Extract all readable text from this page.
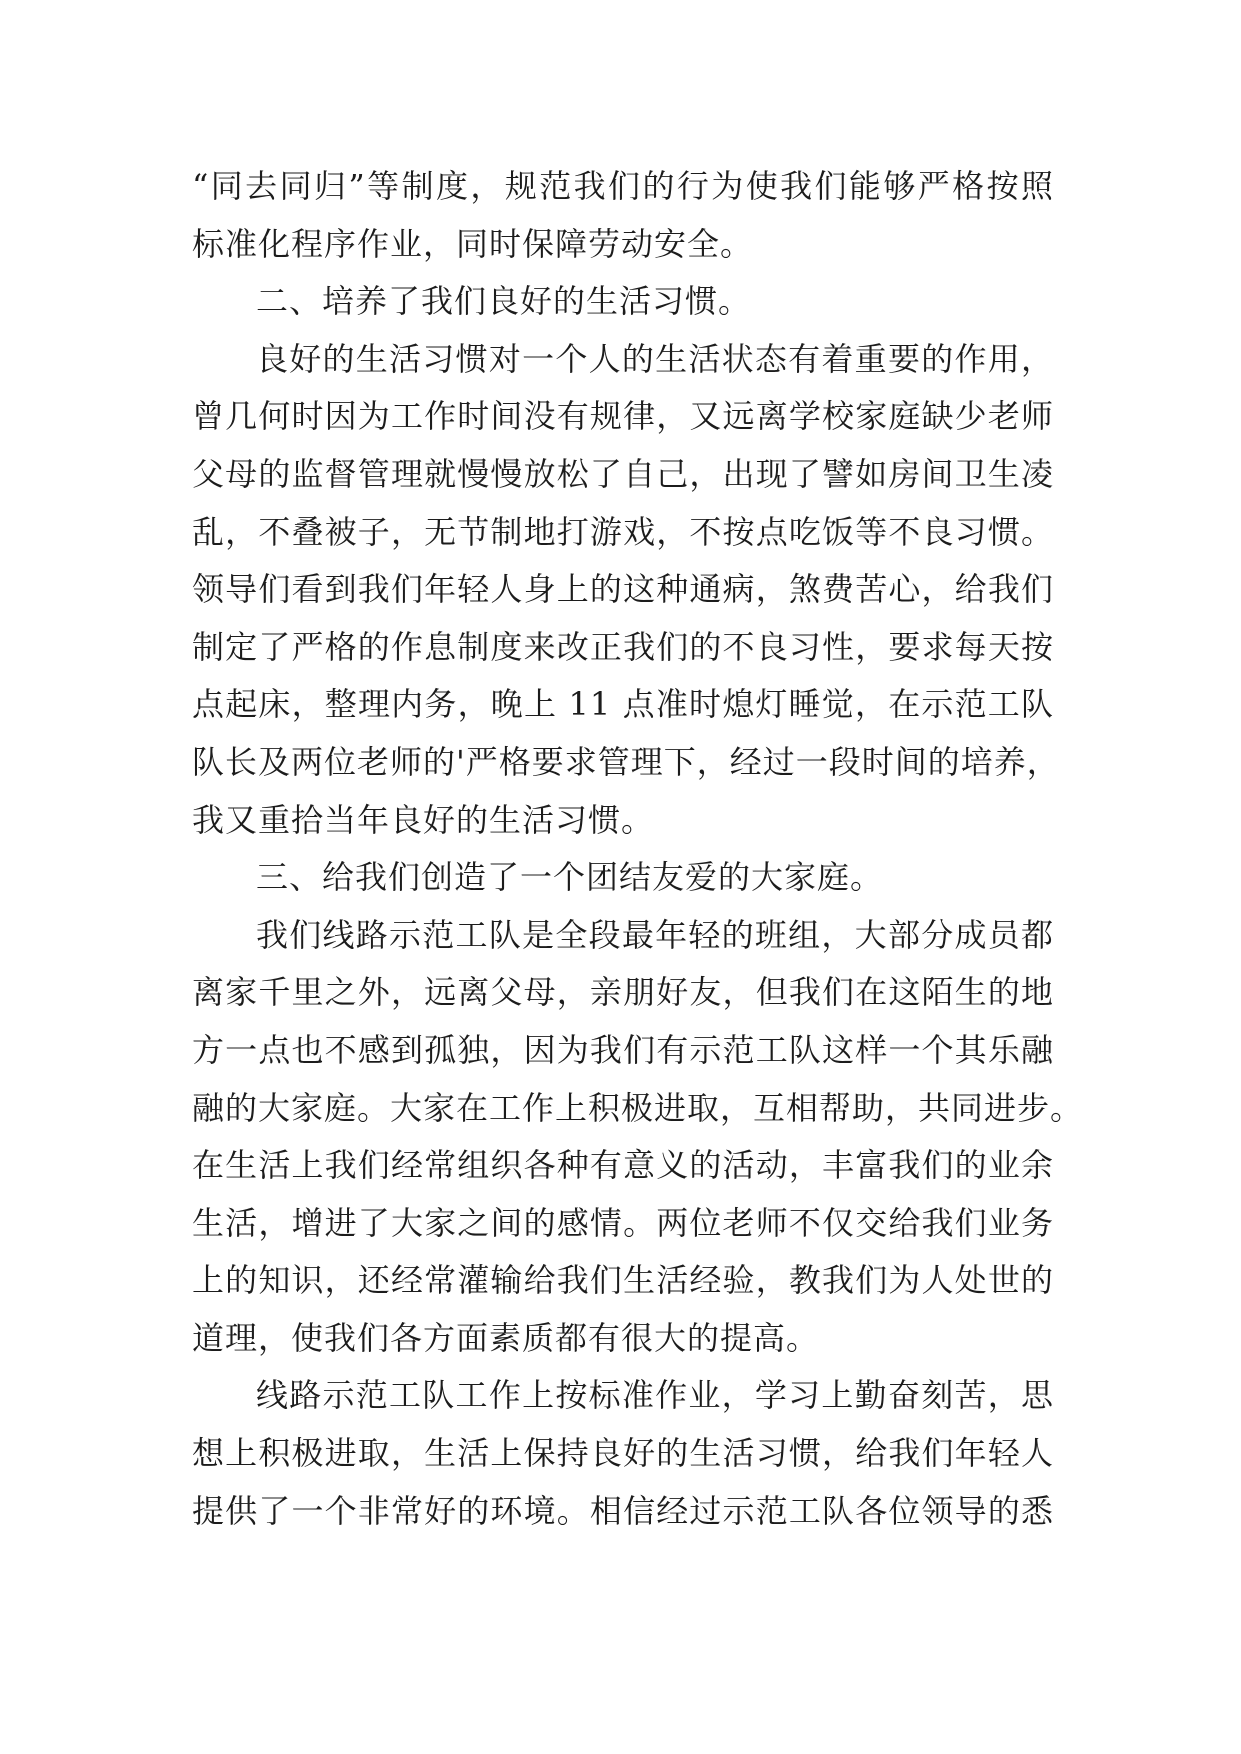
“同去同归”等制度，规范我们的行为使我们能够严格按照
标准化程序作业，同时保障劳动安全。
二、培养了我们良好的生活习惯。
良好的生活习惯对一个人的生活状态有着重要的作用，
曾几何时因为工作时间没有规律，又远离学校家庭缺少老师
父母的监督管理就慢慢放松了自己，出现了譬如房间卫生凌
乱，不叠被子，无节制地打游戏，不按点吃饭等不良习惯。
领导们看到我们年轻人身上的这种通病，煞费苦心，给我们
制定了严格的作息制度来改正我们的不良习性，要求每天按
点起床，整理内务，晚上 11 点准时熄灯睡觉，在示范工队
队长及两位老师的'严格要求管理下，经过一段时间的培养，
我又重拾当年良好的生活习惯。
三、给我们创造了一个团结友爱的大家庭。
我们线路示范工队是全段最年轻的班组，大部分成员都
离家千里之外，远离父母，亲朋好友，但我们在这陌生的地
方一点也不感到孤独，因为我们有示范工队这样一个其乐融
融的大家庭。大家在工作上积极进取，互相帮助，共同进步。
在生活上我们经常组织各种有意义的活动，丰富我们的业余
生活，增进了大家之间的感情。两位老师不仅交给我们业务
上的知识，还经常灌输给我们生活经验，教我们为人处世的
道理，使我们各方面素质都有很大的提高。
线路示范工队工作上按标准作业，学习上勤奋刻苦，思
想上积极进取，生活上保持良好的生活习惯，给我们年轻人
提供了一个非常好的环境。相信经过示范工队各位领导的悉
